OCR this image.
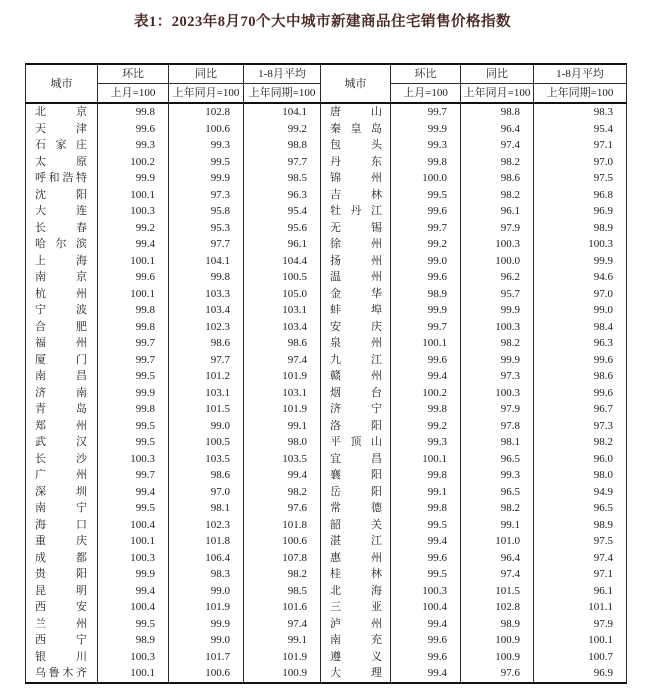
表1：2023年8月70个大中城市新建商品住宅销售价格指数
城市	环比	同比	1-8月平均	城市	环比	同比	1-8月平均
	上月=100	上年同月=100	上年同期=100		上月=100	上年同月=100	上年同期=100
北京	99.8	102.8	104.1	唐山	99.7	98.8	98.3
天津	99.6	100.6	99.2	秦皇岛	99.9	96.4	95.4
石家庄	99.3	99.3	98.8	包头	99.3	97.4	97.1
太原	100.2	99.5	97.7	丹东	99.8	98.2	97.0
呼和浩特	99.9	99.9	98.5	锦州	100.0	98.6	97.5
沈阳	100.1	97.3	96.3	吉林	99.5	98.2	96.8
大连	100.3	95.8	95.4	牡丹江	99.6	96.1	96.9
长春	99.2	95.3	95.6	无锡	99.7	97.9	98.9
哈尔滨	99.4	97.7	96.1	徐州	99.2	100.3	100.3
上海	100.1	104.1	104.4	扬州	99.0	100.0	99.9
南京	99.6	99.8	100.5	温州	99.6	96.2	94.6
杭州	100.1	103.3	105.0	金华	98.9	95.7	97.0
宁波	99.8	103.4	103.1	蚌埠	99.9	99.9	99.0
合肥	99.8	102.3	103.4	安庆	99.7	100.3	98.4
福州	99.7	98.6	98.6	泉州	100.1	98.2	96.3
厦门	99.7	97.7	97.4	九江	99.6	99.9	99.6
南昌	99.5	101.2	101.9	赣州	99.4	97.3	98.6
济南	99.9	103.1	103.1	烟台	100.2	100.3	99.6
青岛	99.8	101.5	101.9	济宁	99.8	97.9	96.7
郑州	99.5	99.0	99.1	洛阳	99.2	97.8	97.3
武汉	99.5	100.5	98.0	平顶山	99.3	98.1	98.2
长沙	100.3	103.5	103.5	宜昌	100.1	96.5	96.0
广州	99.7	98.6	99.4	襄阳	99.8	99.3	98.0
深圳	99.4	97.0	98.2	岳阳	99.1	96.5	94.9
南宁	99.5	98.1	97.6	常德	99.8	98.2	96.5
海口	100.4	102.3	101.8	韶关	99.5	99.1	98.9
重庆	100.1	101.8	100.6	湛江	99.4	101.0	97.5
成都	100.3	106.4	107.8	惠州	99.6	96.4	97.4
贵阳	99.9	98.3	98.2	桂林	99.5	97.4	97.1
昆明	99.4	99.0	98.5	北海	100.3	101.5	96.1
西安	100.4	101.9	101.6	三亚	100.4	102.8	101.1
兰州	99.5	99.9	97.4	泸州	99.4	98.9	97.9
西宁	98.9	99.0	99.1	南充	99.6	100.9	100.1
银川	100.3	101.7	101.9	遵义	99.6	100.9	100.7
乌鲁木齐	100.1	100.6	100.9	大理	99.4	97.6	96.9
